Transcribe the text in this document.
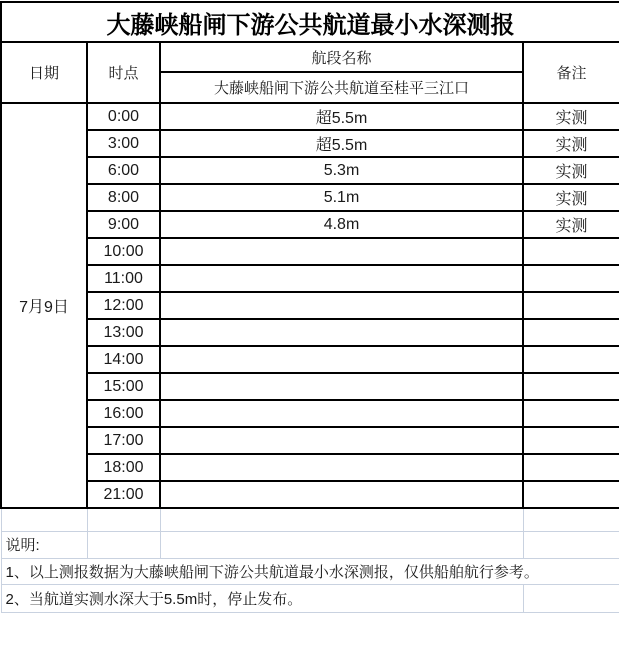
大藤峡船闸下游公共航道最小水深测报			
日期	时点	航段名称	备注
		大藤峡船闸下游公共航道至桂平三江口	
7月9日	0:00	超5.5m	实测
	3:00	超5.5m	实测
	6:00	5.3m	实测
	8:00	5.1m	实测
	9:00	4.8m	实测
	10:00		
	11:00		
	12:00		
	13:00		
	14:00		
	15:00		
	16:00		
	17:00		
	18:00		
	21:00		

说明:			
1、以上测报数据为大藤峡船闸下游公共航道最小水深测报，仅供船舶航行参考。			
2、当航道实测水深大于5.5m时，停止发布。			
